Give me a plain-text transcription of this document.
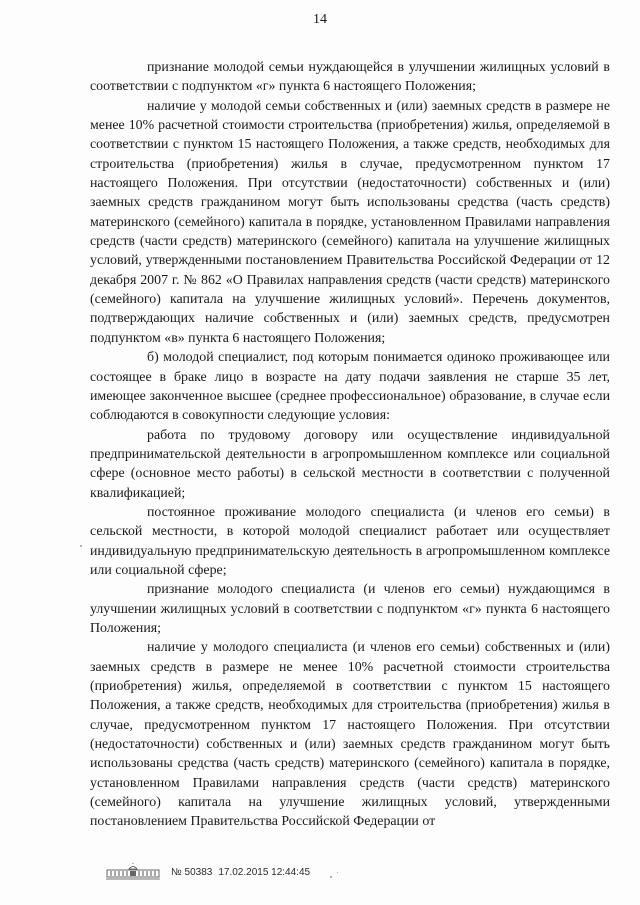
14

признание молодой семьи нуждающейся в улучшении жилищных условий в соответствии с подпунктом «г» пункта 6 настоящего Положения;

наличие у молодой семьи собственных и (или) заемных средств в размере не менее 10% расчетной стоимости строительства (приобретения) жилья, определяемой в соответствии с пунктом 15 настоящего Положения, а также средств, необходимых для строительства (приобретения) жилья в случае, предусмотренном пунктом 17 настоящего Положения. При отсутствии (недостаточности) собственных и (или) заемных средств гражданином могут быть использованы средства (часть средств) материнского (семейного) капитала в порядке, установленном Правилами направления средств (части средств) материнского (семейного) капитала на улучшение жилищных условий, утвержденными постановлением Правительства Российской Федерации от 12 декабря 2007 г. № 862 «О Правилах направления средств (части средств) материнского (семейного) капитала на улучшение жилищных условий». Перечень документов, подтверждающих наличие собственных и (или) заемных средств, предусмотрен подпунктом «в» пункта 6 настоящего Положения;

б) молодой специалист, под которым понимается одиноко проживающее или состоящее в браке лицо в возрасте на дату подачи заявления не старше 35 лет, имеющее законченное высшее (среднее профессиональное) образование, в случае если соблюдаются в совокупности следующие условия:

работа по трудовому договору или осуществление индивидуальной предпринимательской деятельности в агропромышленном комплексе или социальной сфере (основное место работы) в сельской местности в соответствии с полученной квалификацией;

постоянное проживание молодого специалиста (и членов его семьи) в сельской местности, в которой молодой специалист работает или осуществляет индивидуальную предпринимательскую деятельность в агропромышленном комплексе или социальной сфере;

признание молодого специалиста (и членов его семьи) нуждающимся в улучшении жилищных условий в соответствии с подпунктом «г» пункта 6 настоящего Положения;

наличие у молодого специалиста (и членов его семьи) собственных и (или) заемных средств в размере не менее 10% расчетной стоимости строительства (приобретения) жилья, определяемой в соответствии с пунктом 15 настоящего Положения, а также средств, необходимых для строительства (приобретения) жилья в случае, предусмотренном пунктом 17 настоящего Положения. При отсутствии (недостаточности) собственных и (или) заемных средств гражданином могут быть использованы средства (часть средств) материнского (семейного) капитала в порядке, установленном Правилами направления средств (части средств) материнского (семейного) капитала на улучшение жилищных условий, утвержденными постановлением Правительства Российской Федерации от

№ 50383 17.02.2015 12:44:45
